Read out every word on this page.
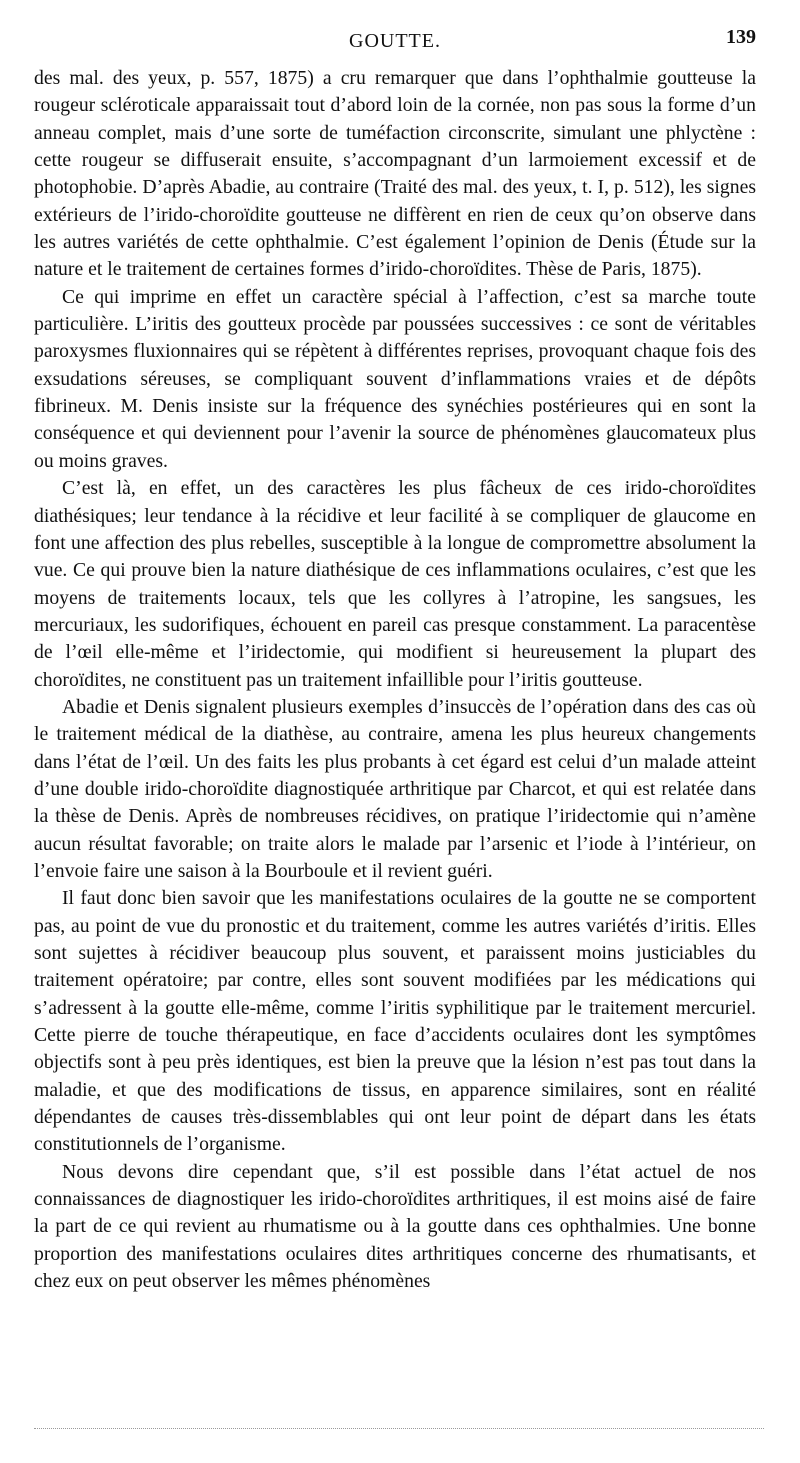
GOUTTE.	139

des mal. des yeux, p. 557, 1875) a cru remarquer que dans l’ophthalmie goutteuse la rougeur scléroticale apparaissait tout d’abord loin de la cornée, non pas sous la forme d’un anneau complet, mais d’une sorte de tuméfaction circonscrite, simulant une phlyctène : cette rougeur se diffuserait ensuite, s’accompagnant d’un larmoiement excessif et de photophobie. D’après Abadie, au contraire (Traité des mal. des yeux, t. I, p. 512), les signes extérieurs de l’irido-choroïdite goutteuse ne diffèrent en rien de ceux qu’on observe dans les autres variétés de cette ophthalmie. C’est également l’opinion de Denis (Étude sur la nature et le traitement de certaines formes d’irido-choroïdites. Thèse de Paris, 1875).

Ce qui imprime en effet un caractère spécial à l’affection, c’est sa marche toute particulière. L’iritis des goutteux procède par poussées successives : ce sont de véritables paroxysmes fluxionnaires qui se répètent à différentes reprises, provoquant chaque fois des exsudations séreuses, se compliquant souvent d’inflammations vraies et de dépôts fibrineux. M. Denis insiste sur la fréquence des synéchies postérieures qui en sont la conséquence et qui deviennent pour l’avenir la source de phénomènes glaucomateux plus ou moins graves.

C’est là, en effet, un des caractères les plus fâcheux de ces irido-choroïdites diathésiques; leur tendance à la récidive et leur facilité à se compliquer de glaucome en font une affection des plus rebelles, susceptible à la longue de compromettre absolument la vue. Ce qui prouve bien la nature diathésique de ces inflammations oculaires, c’est que les moyens de traitements locaux, tels que les collyres à l’atropine, les sangsues, les mercuriaux, les sudorifiques, échouent en pareil cas presque constamment. La paracentèse de l’œil elle-même et l’iridectomie, qui modifient si heureusement la plupart des choroïdites, ne constituent pas un traitement infaillible pour l’iritis goutteuse.

Abadie et Denis signalent plusieurs exemples d’insuccès de l’opération dans des cas où le traitement médical de la diathèse, au contraire, amena les plus heureux changements dans l’état de l’œil. Un des faits les plus probants à cet égard est celui d’un malade atteint d’une double irido-choroïdite diagnostiquée arthritique par Charcot, et qui est relatée dans la thèse de Denis. Après de nombreuses récidives, on pratique l’iridectomie qui n’amène aucun résultat favorable; on traite alors le malade par l’arsenic et l’iode à l’intérieur, on l’envoie faire une saison à la Bourboule et il revient guéri.

Il faut donc bien savoir que les manifestations oculaires de la goutte ne se comportent pas, au point de vue du pronostic et du traitement, comme les autres variétés d’iritis. Elles sont sujettes à récidiver beaucoup plus souvent, et paraissent moins justiciables du traitement opératoire; par contre, elles sont souvent modifiées par les médications qui s’adressent à la goutte elle-même, comme l’iritis syphilitique par le traitement mercuriel. Cette pierre de touche thérapeutique, en face d’accidents oculaires dont les symptômes objectifs sont à peu près identiques, est bien la preuve que la lésion n’est pas tout dans la maladie, et que des modifications de tissus, en apparence similaires, sont en réalité dépendantes de causes très-dissemblables qui ont leur point de départ dans les états constitutionnels de l’organisme.

Nous devons dire cependant que, s’il est possible dans l’état actuel de nos connaissances de diagnostiquer les irido-choroïdites arthritiques, il est moins aisé de faire la part de ce qui revient au rhumatisme ou à la goutte dans ces ophthalmies. Une bonne proportion des manifestations oculaires dites arthritiques concerne des rhumatisants, et chez eux on peut observer les mêmes phénomènes
